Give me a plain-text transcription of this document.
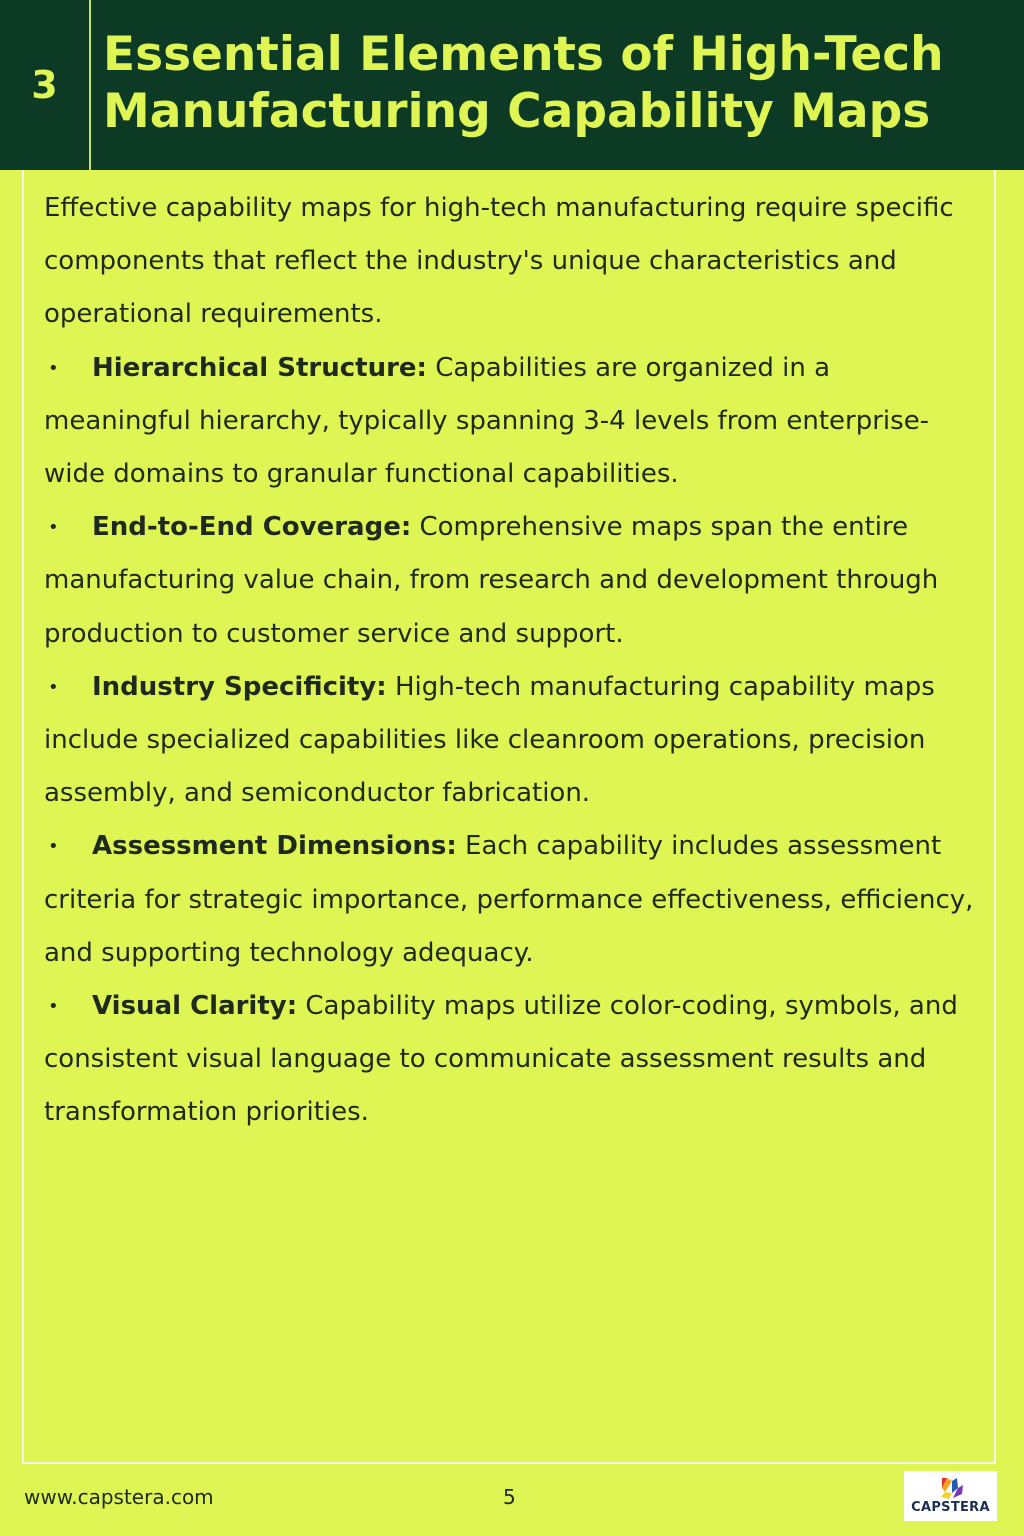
3
Essential Elements of High-Tech Manufacturing Capability Maps

Effective capability maps for high-tech manufacturing require specific components that reflect the industry's unique characteristics and operational requirements.

• Hierarchical Structure: Capabilities are organized in a meaningful hierarchy, typically spanning 3-4 levels from enterprise-wide domains to granular functional capabilities.
• End-to-End Coverage: Comprehensive maps span the entire manufacturing value chain, from research and development through production to customer service and support.
• Industry Specificity: High-tech manufacturing capability maps include specialized capabilities like cleanroom operations, precision assembly, and semiconductor fabrication.
• Assessment Dimensions: Each capability includes assessment criteria for strategic importance, performance effectiveness, efficiency, and supporting technology adequacy.
• Visual Clarity: Capability maps utilize color-coding, symbols, and consistent visual language to communicate assessment results and transformation priorities.
www.capstera.com	5	CAPSTERA
